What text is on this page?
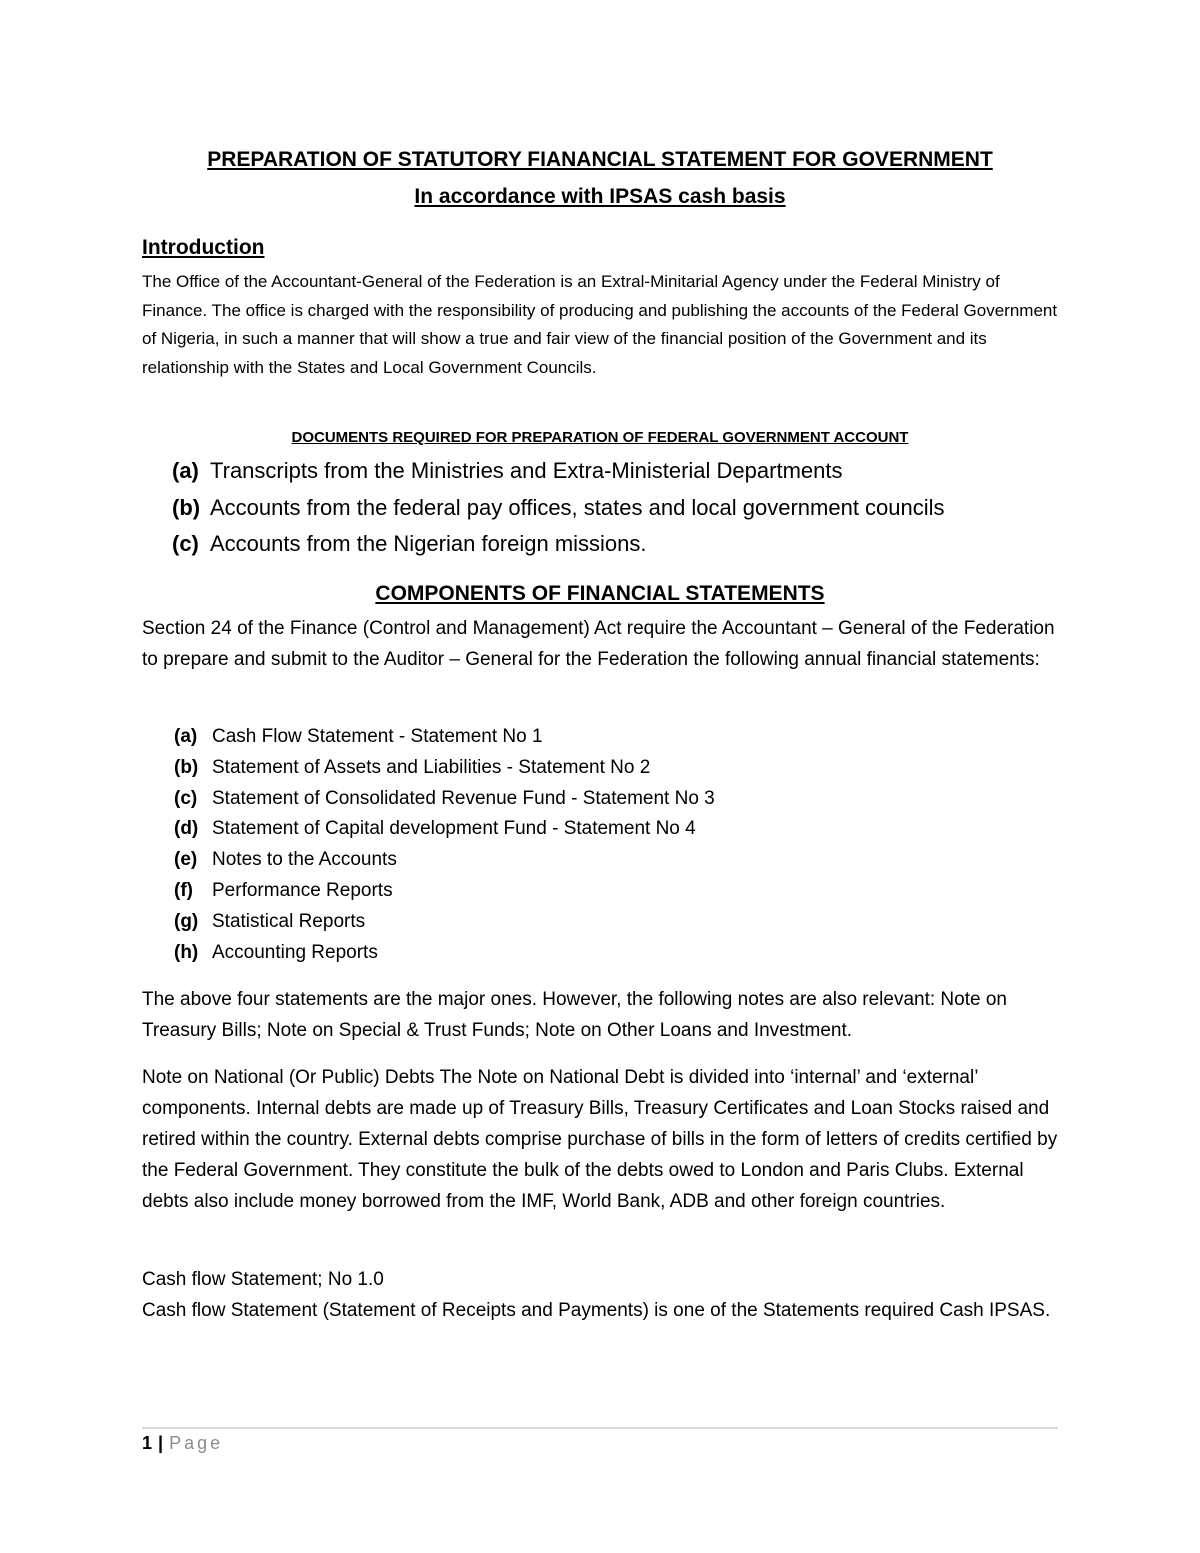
PREPARATION OF STATUTORY FIANANCIAL STATEMENT FOR GOVERNMENT
In accordance with IPSAS cash basis
Introduction
The Office of the Accountant-General of the Federation is an Extral-Minitarial Agency under the Federal Ministry of Finance. The office is charged with the responsibility of producing and publishing the accounts of the Federal Government of Nigeria, in such a manner that will show a true and fair view of the financial position of the Government and its relationship with the States and Local Government Councils.
DOCUMENTS REQUIRED FOR PREPARATION OF FEDERAL GOVERNMENT ACCOUNT
(a) Transcripts from the Ministries and Extra-Ministerial Departments
(b) Accounts from the federal pay offices, states and local government councils
(c) Accounts from the Nigerian foreign missions.
COMPONENTS OF FINANCIAL STATEMENTS
Section 24 of the Finance (Control and Management) Act require the Accountant – General of the Federation to prepare and submit to the Auditor – General for the Federation the following annual financial statements:
(a) Cash Flow Statement - Statement No 1
(b) Statement of Assets and Liabilities - Statement No 2
(c) Statement of Consolidated Revenue Fund - Statement No 3
(d) Statement of Capital development Fund - Statement No 4
(e) Notes to the Accounts
(f) Performance Reports
(g) Statistical Reports
(h) Accounting Reports
The above four statements are the major ones. However, the following notes are also relevant: Note on Treasury Bills; Note on Special & Trust Funds; Note on Other Loans and Investment.
Note on National (Or Public) Debts The Note on National Debt is divided into ‘internal’ and ‘external’ components. Internal debts are made up of Treasury Bills, Treasury Certificates and Loan Stocks raised and retired within the country. External debts comprise purchase of bills in the form of letters of credits certified by the Federal Government. They constitute the bulk of the debts owed to London and Paris Clubs. External debts also include money borrowed from the IMF, World Bank, ADB and other foreign countries.
Cash flow Statement; No 1.0
Cash flow Statement (Statement of Receipts and Payments) is one of the Statements required Cash IPSAS.
1 | Page
